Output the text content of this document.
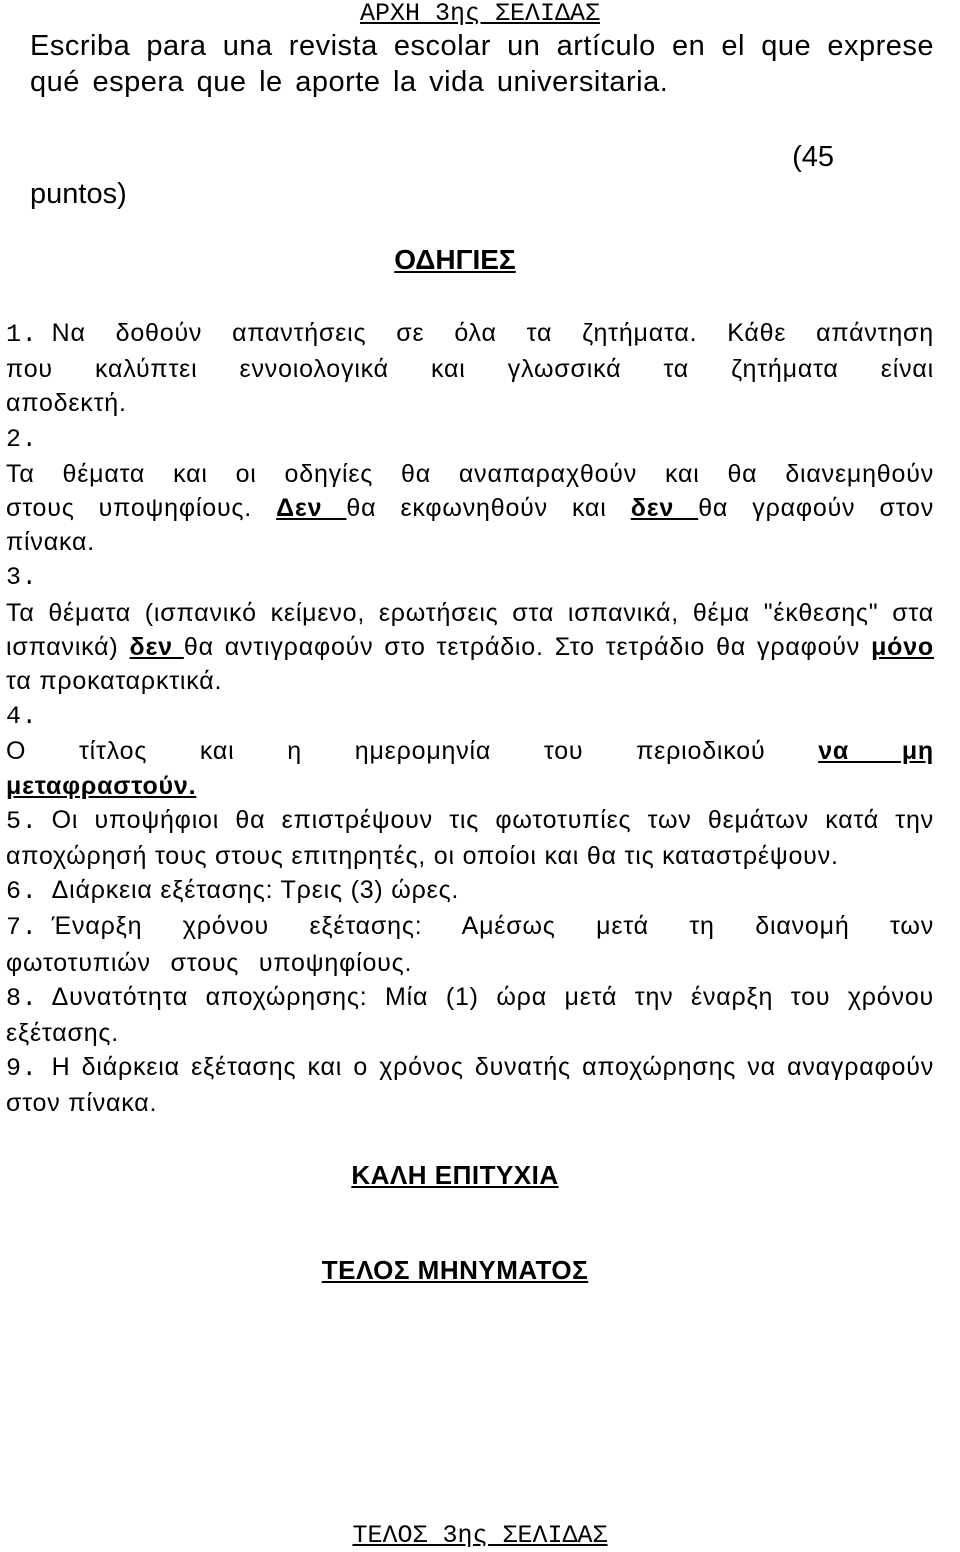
ΑΡΧΗ 3ης ΣΕΛΙΔΑΣ
Escriba para una revista escolar un artículo en el que exprese qué espera que le aporte la vida universitaria.
(45
puntos)
ΟΔΗΓΙΕΣ
1. Να δοθούν απαντήσεις σε όλα τα ζητήματα. Κάθε απάντηση που καλύπτει εννοιολογικά και γλωσσικά τα ζητήματα είναι αποδεκτή.
2.
Τα θέματα και οι οδηγίες θα αναπαραχθούν και θα διανεμηθούν στους υποψηφίους. Δεν θα εκφωνηθούν και δεν θα γραφούν στον πίνακα.
3.
Τα θέματα (ισπανικό κείμενο, ερωτήσεις στα ισπανικά, θέμα "έκθεσης" στα ισπανικά) δεν θα αντιγραφούν στο τετράδιο. Στο τετράδιο θα γραφούν μόνο τα προκαταρκτικά.
4.
Ο τίτλος και η ημερομηνία του περιοδικού να μη μεταφραστούν.
5. Οι υποψήφιοι θα επιστρέψουν τις φωτοτυπίες των θεμάτων κατά την αποχώρησή τους στους επιτηρητές, οι οποίοι και θα τις καταστρέψουν.
6. Διάρκεια εξέτασης: Τρεις (3) ώρες.
7. Έναρξη χρόνου εξέτασης: Αμέσως μετά τη διανομή των φωτοτυπιών στους υποψηφίους.
8. Δυνατότητα αποχώρησης: Μία (1) ώρα μετά την έναρξη του χρόνου εξέτασης.
9. Η διάρκεια εξέτασης και ο χρόνος δυνατής αποχώρησης να αναγραφούν στον πίνακα.
ΚΑΛΗ ΕΠΙΤΥΧΙΑ
ΤΕΛΟΣ ΜΗΝΥΜΑΤΟΣ
ΤΕΛΟΣ 3ης ΣΕΛΙΔΑΣ
